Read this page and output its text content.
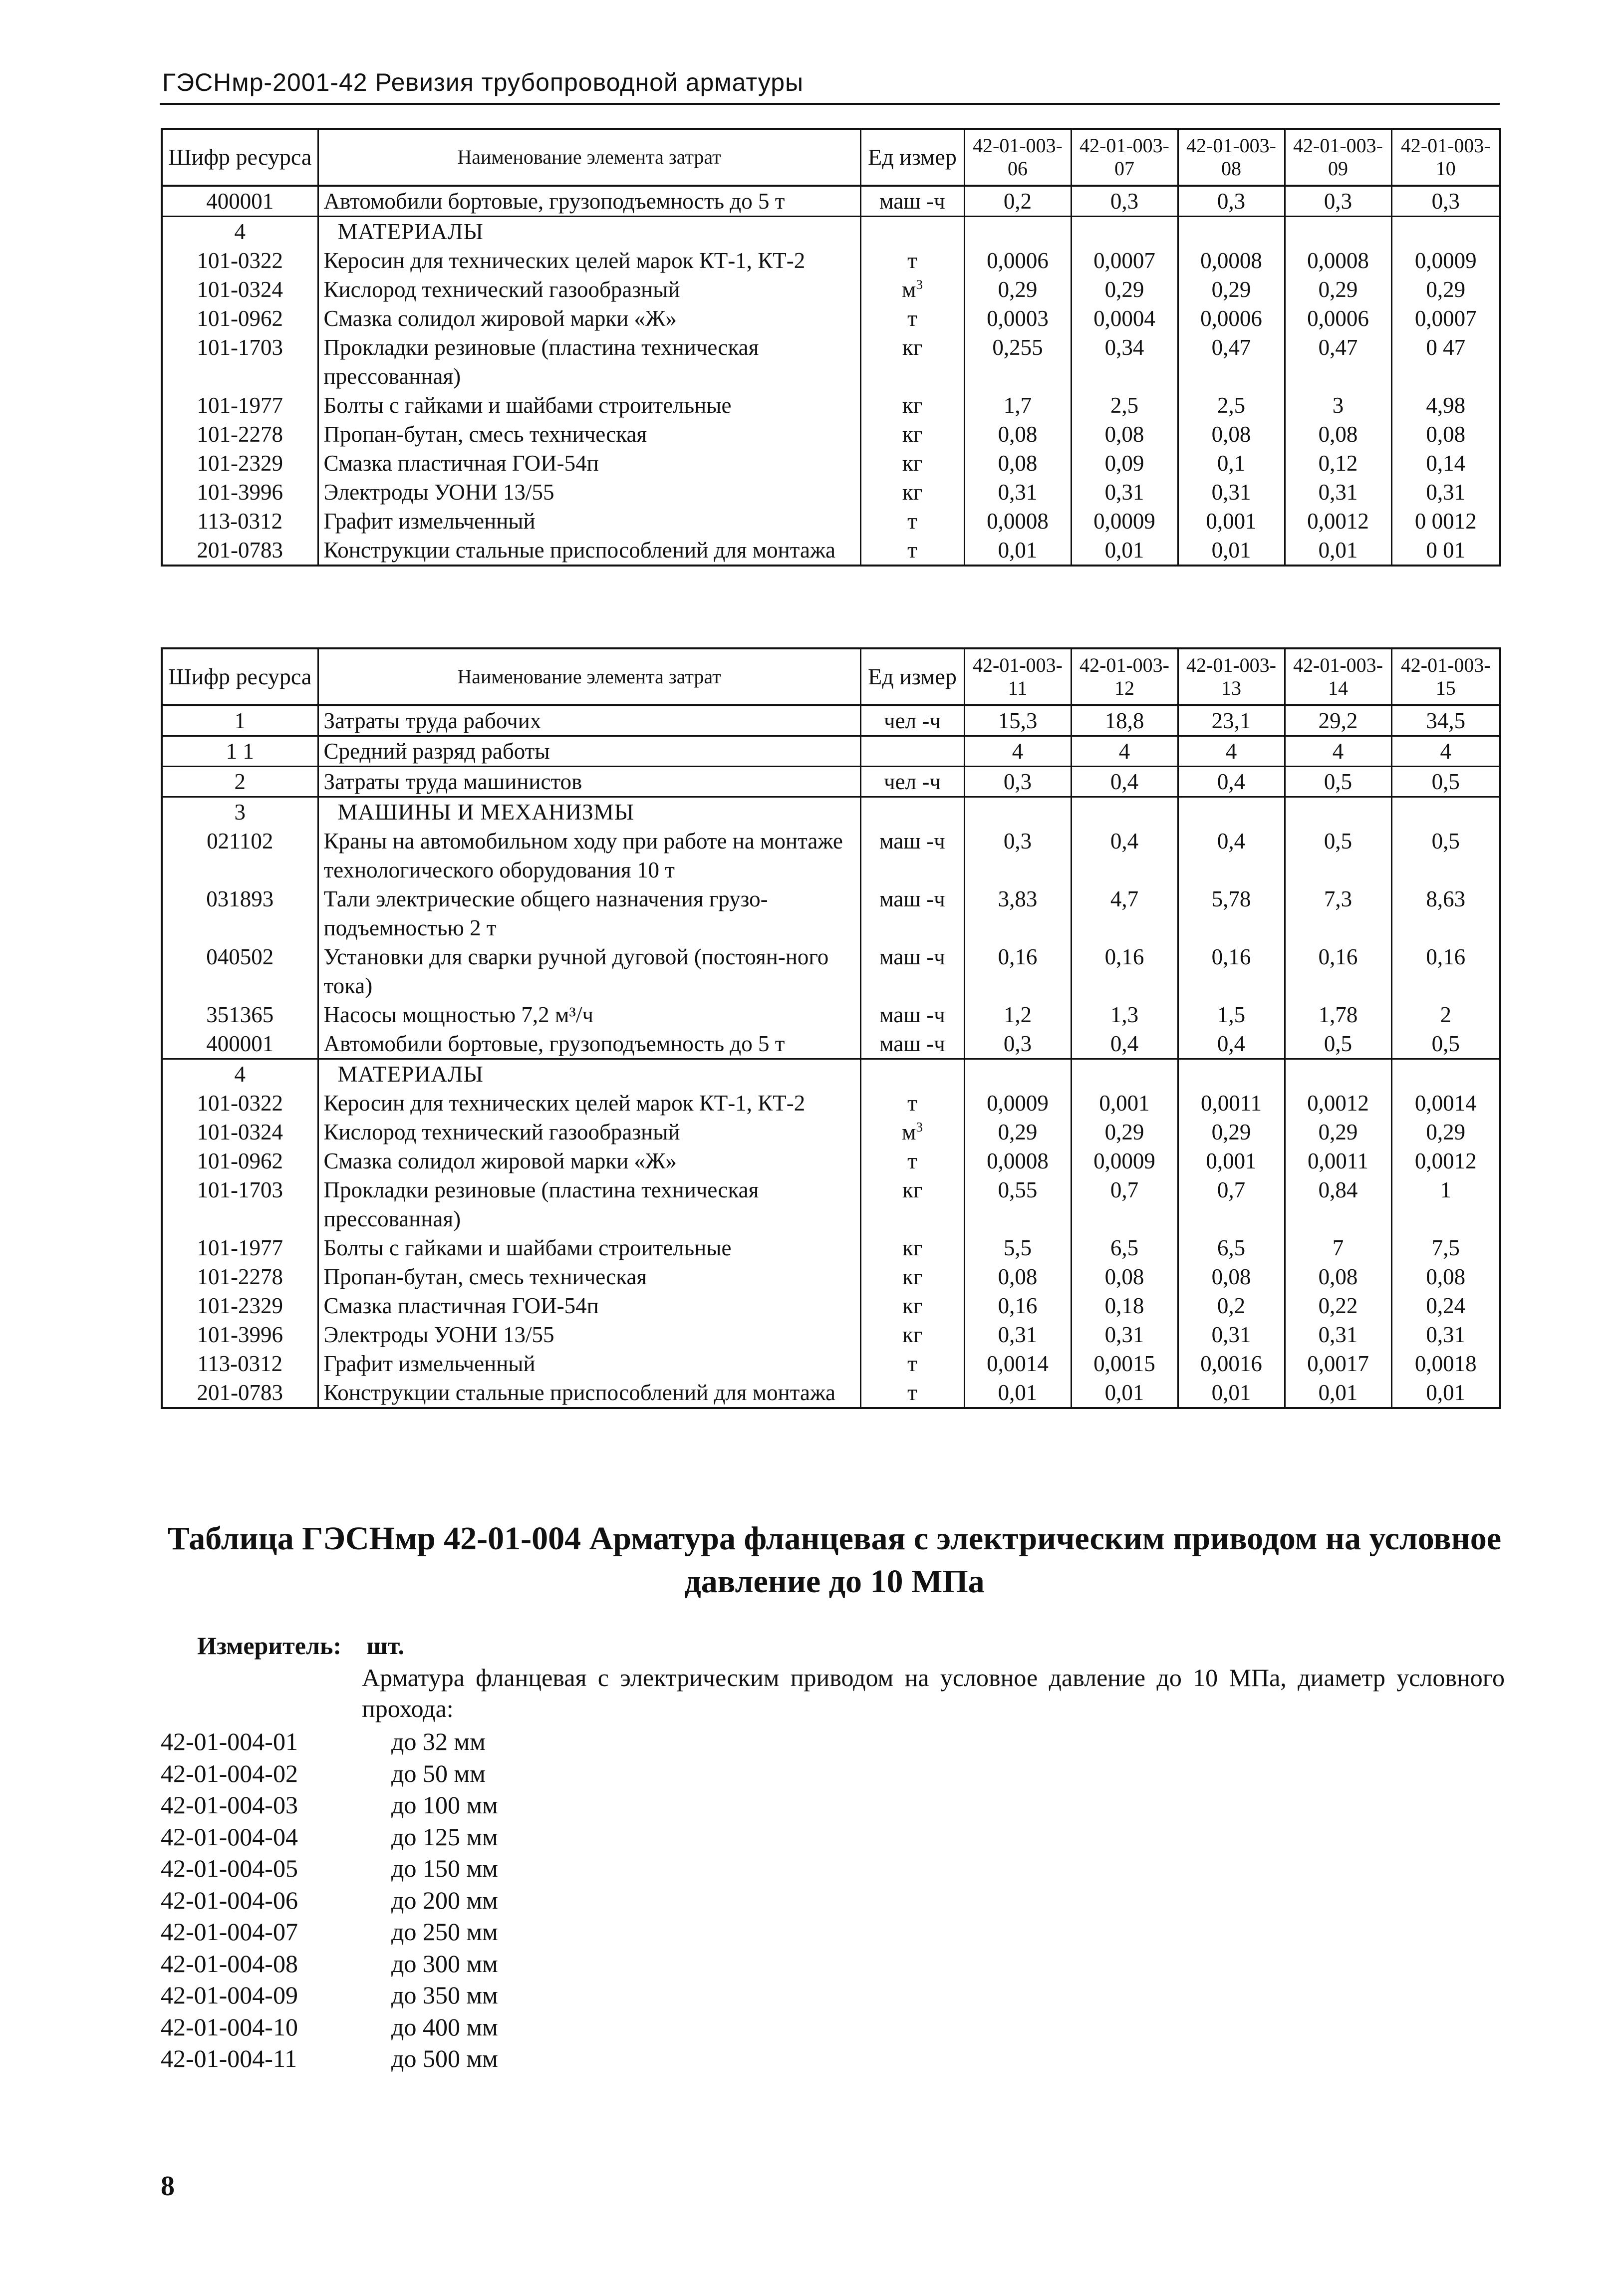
ГЭСНмр-2001-42 Ревизия трубопроводной арматуры
Шифр ресурса	Наименование элемента затрат	Ед измер	42-01-003-06	42-01-003-07	42-01-003-08	42-01-003-09	42-01-003-10
400001	Автомобили бортовые, грузоподъемность до 5 т	маш -ч	0,2	0,3	0,3	0,3	0,3
4	МАТЕРИАЛЫ						
101-0322	Керосин для технических целей марок КТ-1, КТ-2	т	0,0006	0,0007	0,0008	0,0008	0,0009
101-0324	Кислород технический газообразный	$м^3$	0,29	0,29	0,29	0,29	0,29
101-0962	Смазка солидол жировой марки «Ж»	т	0,0003	0,0004	0,0006	0,0006	0,0007
101-1703	Прокладки резиновые (пластина техническая прессованная)	кг	0,255	0,34	0,47	0,47	0 47
101-1977	Болты с гайками и шайбами строительные	кг	1,7	2,5	2,5	3	4,98
101-2278	Пропан-бутан, смесь техническая	кг	0,08	0,08	0,08	0,08	0,08
101-2329	Смазка пластичная ГОИ-54п	кг	0,08	0,09	0,1	0,12	0,14
101-3996	Электроды УОНИ 13/55	кг	0,31	0,31	0,31	0,31	0,31
113-0312	Графит измельченный	т	0,0008	0,0009	0,001	0,0012	0 0012
201-0783	Конструкции стальные приспособлений для монтажа	т	0,01	0,01	0,01	0,01	0 01
Шифр ресурса	Наименование элемента затрат	Ед измер	42-01-003-11	42-01-003-12	42-01-003-13	42-01-003-14	42-01-003-15
1	Затраты труда рабочих	чел -ч	15,3	18,8	23,1	29,2	34,5
1 1	Средний разряд работы		4	4	4	4	4
2	Затраты труда машинистов	чел -ч	0,3	0,4	0,4	0,5	0,5
3	МАШИНЫ И МЕХАНИЗМЫ						
021102	Краны на автомобильном ходу при работе на монтаже технологического оборудования 10 т	маш -ч	0,3	0,4	0,4	0,5	0,5
031893	Тали электрические общего назначения грузо-подъемностью 2 т	маш -ч	3,83	4,7	5,78	7,3	8,63
040502	Установки для сварки ручной дуговой (постоян-ного тока)	маш -ч	0,16	0,16	0,16	0,16	0,16
351365	Насосы мощностью 7,2 м³/ч	маш -ч	1,2	1,3	1,5	1,78	2
400001	Автомобили бортовые, грузоподъемность до 5 т	маш -ч	0,3	0,4	0,4	0,5	0,5
4	МАТЕРИАЛЫ						
101-0322	Керосин для технических целей марок КТ-1, КТ-2	т	0,0009	0,001	0,0011	0,0012	0,0014
101-0324	Кислород технический газообразный	$м^3$	0,29	0,29	0,29	0,29	0,29
101-0962	Смазка солидол жировой марки «Ж»	т	0,0008	0,0009	0,001	0,0011	0,0012
101-1703	Прокладки резиновые (пластина техническая прессованная)	кг	0,55	0,7	0,7	0,84	1
101-1977	Болты с гайками и шайбами строительные	кг	5,5	6,5	6,5	7	7,5
101-2278	Пропан-бутан, смесь техническая	кг	0,08	0,08	0,08	0,08	0,08
101-2329	Смазка пластичная ГОИ-54п	кг	0,16	0,18	0,2	0,22	0,24
101-3996	Электроды УОНИ 13/55	кг	0,31	0,31	0,31	0,31	0,31
113-0312	Графит измельченный	т	0,0014	0,0015	0,0016	0,0017	0,0018
201-0783	Конструкции стальные приспособлений для монтажа	т	0,01	0,01	0,01	0,01	0,01
Таблица ГЭСНмр 42-01-004 Арматура фланцевая с электрическим приводом на условное давление до 10 МПа
Измеритель: шт.
Арматура фланцевая с электрическим приводом на условное давление до 10 МПа, диаметр условного прохода:
42-01-004-01	до 32 мм
42-01-004-02	до 50 мм
42-01-004-03	до 100 мм
42-01-004-04	до 125 мм
42-01-004-05	до 150 мм
42-01-004-06	до 200 мм
42-01-004-07	до 250 мм
42-01-004-08	до 300 мм
42-01-004-09	до 350 мм
42-01-004-10	до 400 мм
42-01-004-11	до 500 мм
8
